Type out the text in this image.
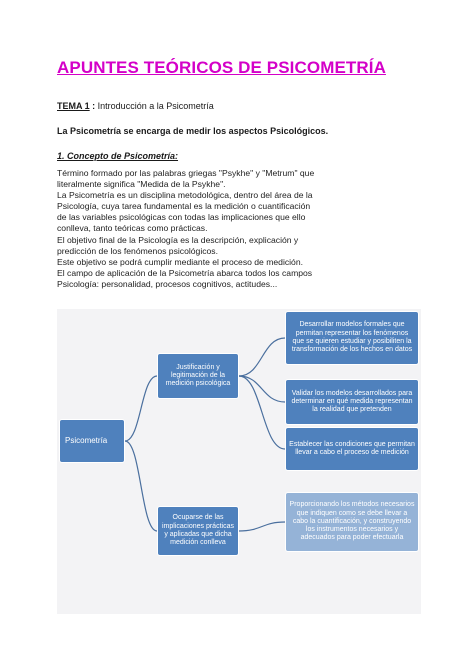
APUNTES TEÓRICOS DE PSICOMETRÍA
TEMA 1 : Introducción a la Psicometría
La Psicometría se encarga de medir los aspectos Psicológicos.
1. Concepto de Psicometría:
Término formado por las palabras griegas "Psykhe" y "Metrum" que
literalmente significa "Medida de la Psykhe".
La Psicometría es un disciplina metodológica, dentro del área de la
Psicología, cuya tarea fundamental es la medición o cuantificación
de las variables psicológicas con todas las implicaciones que ello
conlleva, tanto teóricas como prácticas.
El objetivo final de la Psicología es la descripción, explicación y
predicción de los fenómenos psicológicos.
Este objetivo se podrá cumplir mediante el proceso de medición.
El campo de aplicación de la Psicometría abarca todos los campos
Psicología: personalidad, procesos cognitivos, actitudes...
Psicometría
Justificación y legitimación de la medición psicológica
Ocuparse de las implicaciones prácticas y aplicadas que dicha medición conlleva
Desarrollar modelos formales que permitan representar los fenómenos que se quieren estudiar y posibiliten la transformación de los hechos en datos
Validar los modelos desarrollados para determinar en qué medida representan la realidad que pretenden
Establecer las condiciones que permitan llevar a cabo el proceso de medición
Proporcionando los métodos necesarios que indiquen como se debe llevar a cabo la cuantificación, y construyendo los instrumentos necesarios y adecuados para poder efectuarla
